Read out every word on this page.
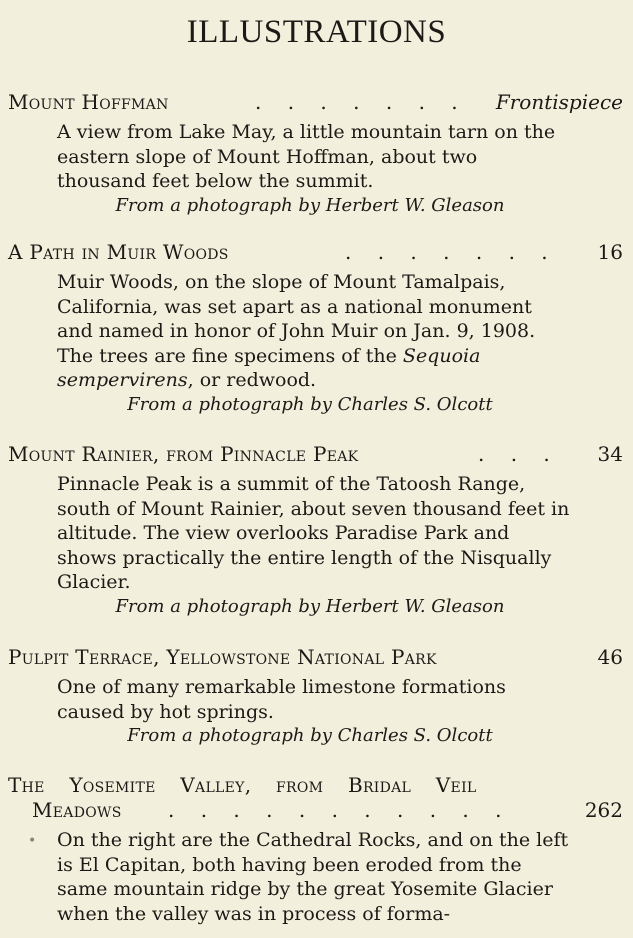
ILLUSTRATIONS
Mount Hoffman	. . . . . . . Frontispiece
A view from Lake May, a little mountain tarn on the eastern slope of Mount Hoffman, about two thousand feet below the summit.
From a photograph by Herbert W. Gleason
A Path in Muir Woods	. . . . . . . 16
Muir Woods, on the slope of Mount Tamalpais, California, was set apart as a national monument and named in honor of John Muir on Jan. 9, 1908. The trees are fine specimens of the Sequoia sempervirens, or redwood.
From a photograph by Charles S. Olcott
Mount Rainier, from Pinnacle Peak	. . . 34
Pinnacle Peak is a summit of the Tatoosh Range, south of Mount Rainier, about seven thousand feet in altitude. The view overlooks Paradise Park and shows practically the entire length of the Nisqually Glacier.
From a photograph by Herbert W. Gleason
Pulpit Terrace, Yellowstone National Park	46
One of many remarkable limestone formations caused by hot springs.
From a photograph by Charles S. Olcott
The Yosemite Valley, from Bridal Veil
Meadows . . . . . . . . . . .	262
• On the right are the Cathedral Rocks, and on the left is El Capitan, both having been eroded from the same mountain ridge by the great Yosemite Glacier when the valley was in process of forma-
